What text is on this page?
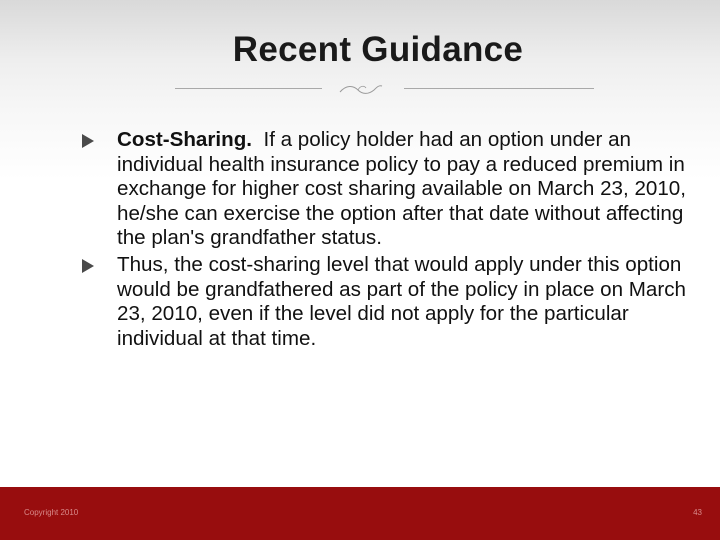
Recent Guidance
Cost-Sharing. If a policy holder had an option under an individual health insurance policy to pay a reduced premium in exchange for higher cost sharing available on March 23, 2010, he/she can exercise the option after that date without affecting the plan's grandfather status.
Thus, the cost-sharing level that would apply under this option would be grandfathered as part of the policy in place on March 23, 2010, even if the level did not apply for the particular individual at that time.
Copyright 2010	43
